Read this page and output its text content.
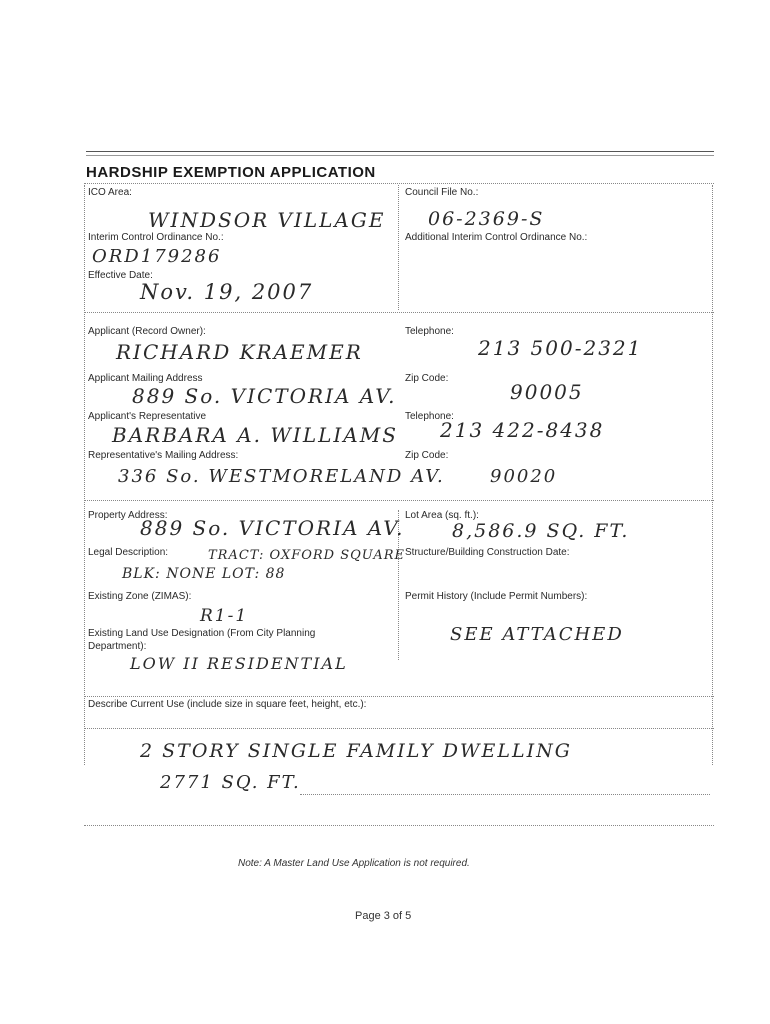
HARDSHIP EXEMPTION APPLICATION
ICO Area:
WINDSOR VILLAGE
Council File No.:
06-2369-S
Interim Control Ordinance No.:	Additional Interim Control Ordinance No.:
ORD179286
Effective Date:
Nov. 19, 2007
Applicant (Record Owner):	Telephone:
RICHARD KRAEMER	213 500-2321
Applicant Mailing Address	Zip Code:
889 So. VICTORIA AV.	90005
Applicant's Representative	Telephone:
BARBARA A. WILLIAMS 213 422-8438
Representative's Mailing Address:	Zip Code:
336 So. WESTMORELAND AV.	90020
Property Address:	Lot Area (sq. ft.):
889 So. VICTORIA AV. 8,586.9 SQ. FT.
Legal Description:	Structure/Building Construction Date:
TRACT: OXFORD SQUARE
BLK: NONE LOT: 88
Existing Zone (ZIMAS):	Permit History (Include Permit Numbers):
R1-1
SEE ATTACHED
Existing Land Use Designation (From City Planning
Department):
LOW II RESIDENTIAL
Describe Current Use (include size in square feet, height, etc.):
2 STORY SINGLE FAMILY DWELLING
2771 SQ. FT.
Note: A Master Land Use Application is not required.
Page 3 of 5
